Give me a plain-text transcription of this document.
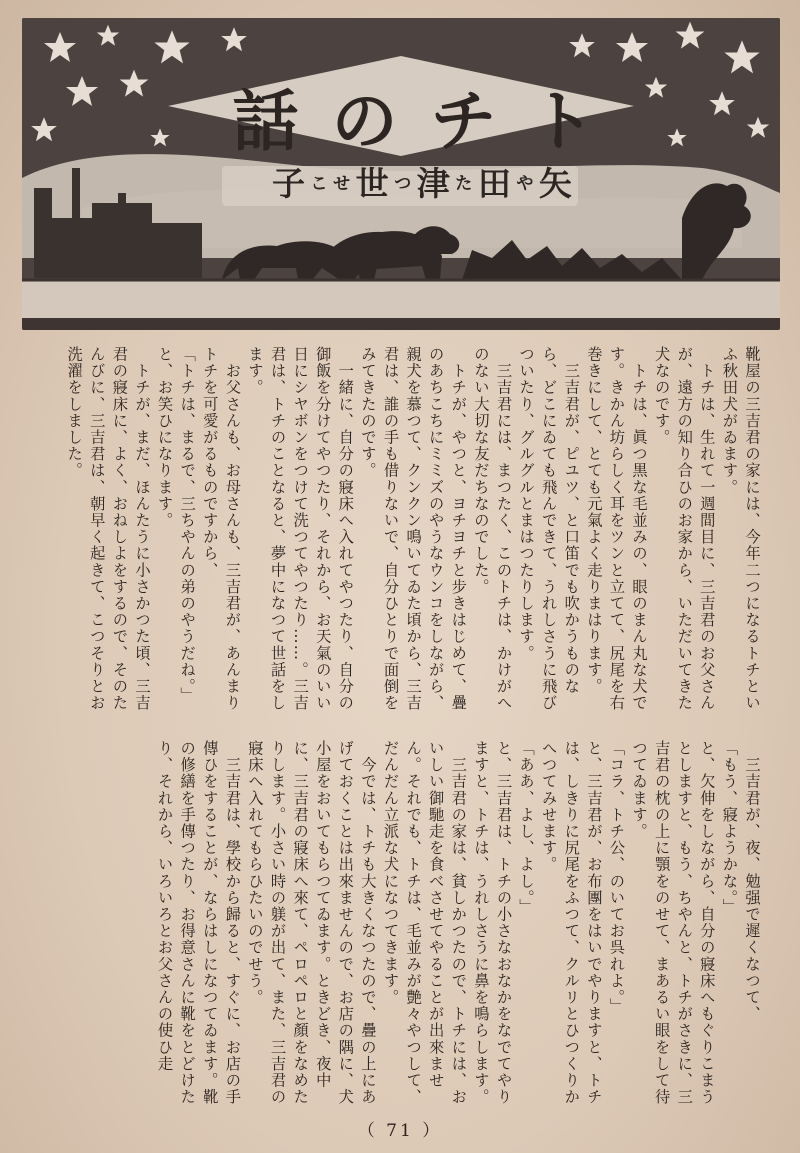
話 の チ ト
矢
や
田
た
津
つ
世
せ
こ
子
靴屋の三吉君の家には、今年二つになるトチといふ秋田犬がゐます。
　トチは、生れて一週間目に、三吉君のお父さんが、遠方の知り合ひのお家から、いただいてきた犬なのです。
　トチは、眞つ黒な毛並みの、眼のまん丸な犬です。きかん坊らしく耳をツンと立てて、尻尾を右巻きにして、とても元氣よく走りまはります。
　三吉君が、ピユツ、と口笛でも吹かうものなら、どこにゐても飛んできて、うれしさうに飛びついたり、グルグルとまはつたりします。
　三吉君には、まつたく、このトチは、かけがへのない大切な友だちなのでした。
　トチが、やつと、ヨチヨチと步きはじめて、疊のあちこちにミミズのやうなウンコをしながら、親犬を慕つて、クンクン鳴いてゐた頃から、三吉君は、誰の手も借りないで、自分ひとりで面倒をみてきたのです。
　一緒に、自分の寢床へ入れてやつたり、自分の御飯を分けてやつたり、それから、お天氣のいい日にシヤボンをつけて洗つてやつたり……。三吉君は、トチのことなると、夢中になつて世話をします。
　お父さんも、お母さんも、三吉君が、あんまりトチを可愛がるものですから、
「トチは、まるで、三ちやんの弟のやうだね。」
と、お笑ひになります。
　トチが、まだ、ほんたうに小さかつた頃、三吉君の寢床に、よく、おねしよをするので、そのたんびに、三吉君は、朝早く起きて、こつそりとお洗濯をしました。
　三吉君が、夜、勉强で遲くなつて、
「もう、寢ようかな。」
と、欠伸をしながら、自分の寢床へもぐりこまうとしますと、もう、ちやんと、トチがさきに、三吉君の枕の上に顎をのせて、まあるい眼をして待つてゐます。
「コラ、トチ公、のいてお呉れよ。」
と、三吉君が、お布團をはいでやりますと、トチは、しきりに尻尾をふつて、クルリとひつくりかへつてみせます。
「ああ、よし、よし。」
と、三吉君は、トチの小さなおなかをなでてやりますと、トチは、うれしさうに鼻を鳴らします。
　三吉君の家は、貧しかつたので、トチには、おいしい御馳走を食べさせてやることが出來ません。それでも、トチは、毛並みが艶々やつして、だんだん立派な犬になつてきます。
　今では、トチも大きくなつたので、疊の上にあげておくことは出來ませんので、お店の隅に、犬小屋をおいてもらつてゐます。ときどき、夜中に、三吉君の寢床へ來て、ペロペロと顏をなめたりします。小さい時の躾が出て、また、三吉君の寢床へ入れてもらひたいのでせう。
　三吉君は、學校から歸ると、すぐに、お店の手傳ひをすることが、ならはしになつてゐます。靴の修繕を手傳つたり、お得意さんに靴をとどけたり、それから、いろいろとお父さんの使ひ走
（ 71 ）
